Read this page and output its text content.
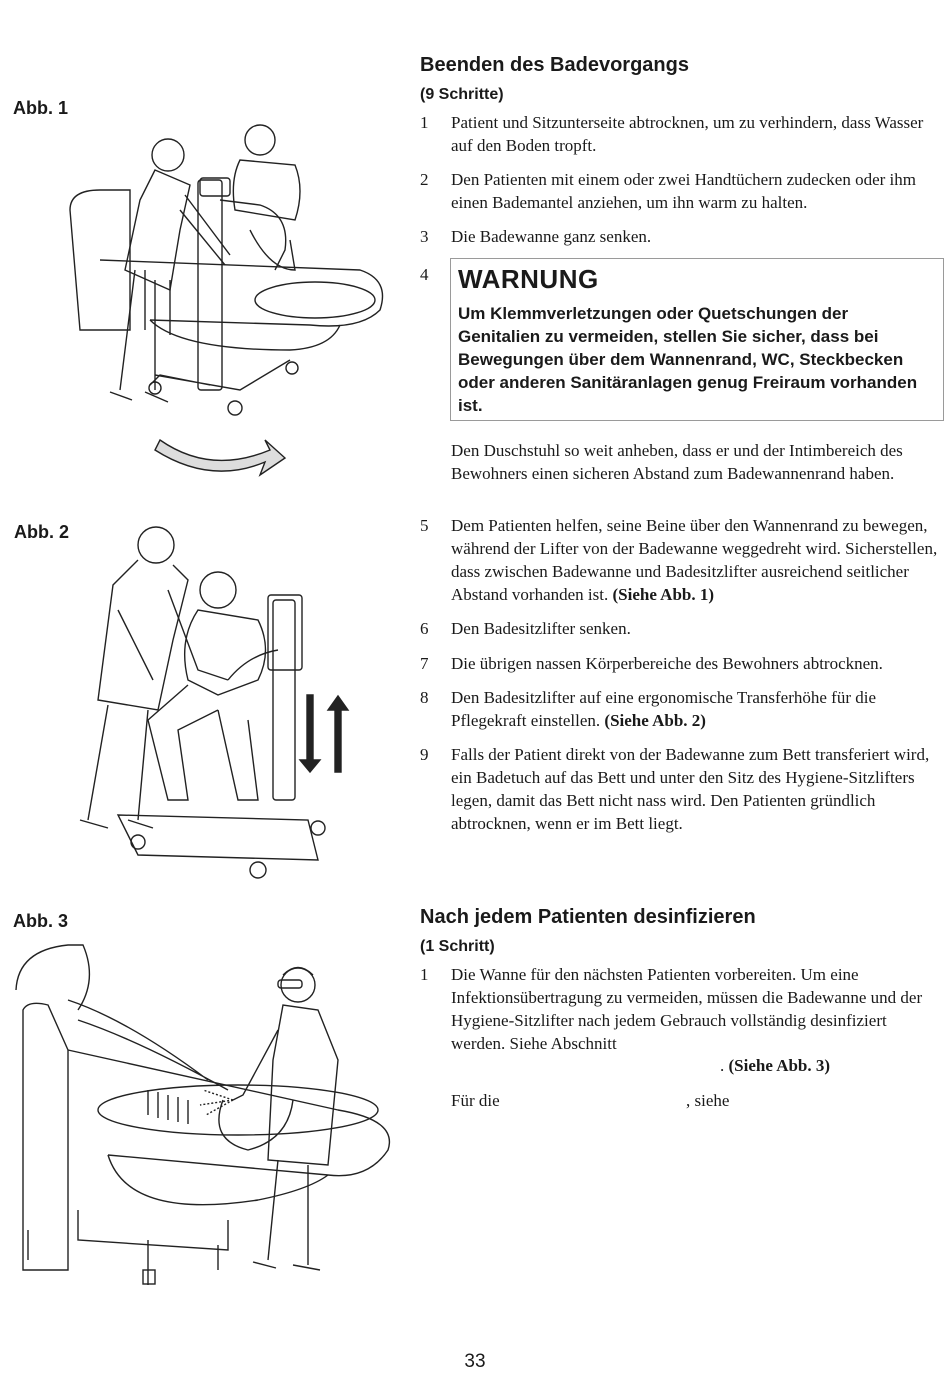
Abb. 1
Abb. 2
Abb. 3
Beenden des Badevorgangs
(9 Schritte)
1 Patient und Sitzunterseite abtrocknen, um zu verhindern, dass Wasser auf den Boden tropft.
2 Den Patienten mit einem oder zwei Handtüchern zudecken oder ihm einen Bademantel anziehen, um ihn warm zu halten.
3 Die Badewanne ganz senken.
4 WARNUNG
Um Klemmverletzungen oder Quetschungen der Genitalien zu vermeiden, stellen Sie sicher, dass bei Bewegungen über dem Wannenrand, WC, Steckbecken oder anderen Sanitäranlagen genug Freiraum vorhanden ist.
Den Duschstuhl so weit anheben, dass er und der Intimbereich des Bewohners einen sicheren Abstand zum Badewannenrand haben.
5 Dem Patienten helfen, seine Beine über den Wannenrand zu bewegen, während der Lifter von der Badewanne weggedreht wird. Sicherstellen, dass zwischen Badewanne und Badesitzlifter ausreichend seitlicher Abstand vorhanden ist. (Siehe Abb. 1)
6 Den Badesitzlifter senken.
7 Die übrigen nassen Körperbereiche des Bewohners abtrocknen.
8 Den Badesitzlifter auf eine ergonomische Transferhöhe für die Pflegekraft einstellen. (Siehe Abb. 2)
9 Falls der Patient direkt von der Badewanne zum Bett transferiert wird, ein Badetuch auf das Bett und unter den Sitz des Hygiene-Sitzlifters legen, damit das Bett nicht nass wird. Den Patienten gründlich abtrocknen, wenn er im Bett liegt.
Nach jedem Patienten desinfizieren
(1 Schritt)
1 Die Wanne für den nächsten Patienten vorbereiten. Um eine Infektionsübertragung zu vermeiden, müssen die Badewanne und der Hygiene-Sitzlifter nach jedem Gebrauch vollständig desinfiziert werden. Siehe Abschnitt
. (Siehe Abb. 3)
Für die	, siehe
33
